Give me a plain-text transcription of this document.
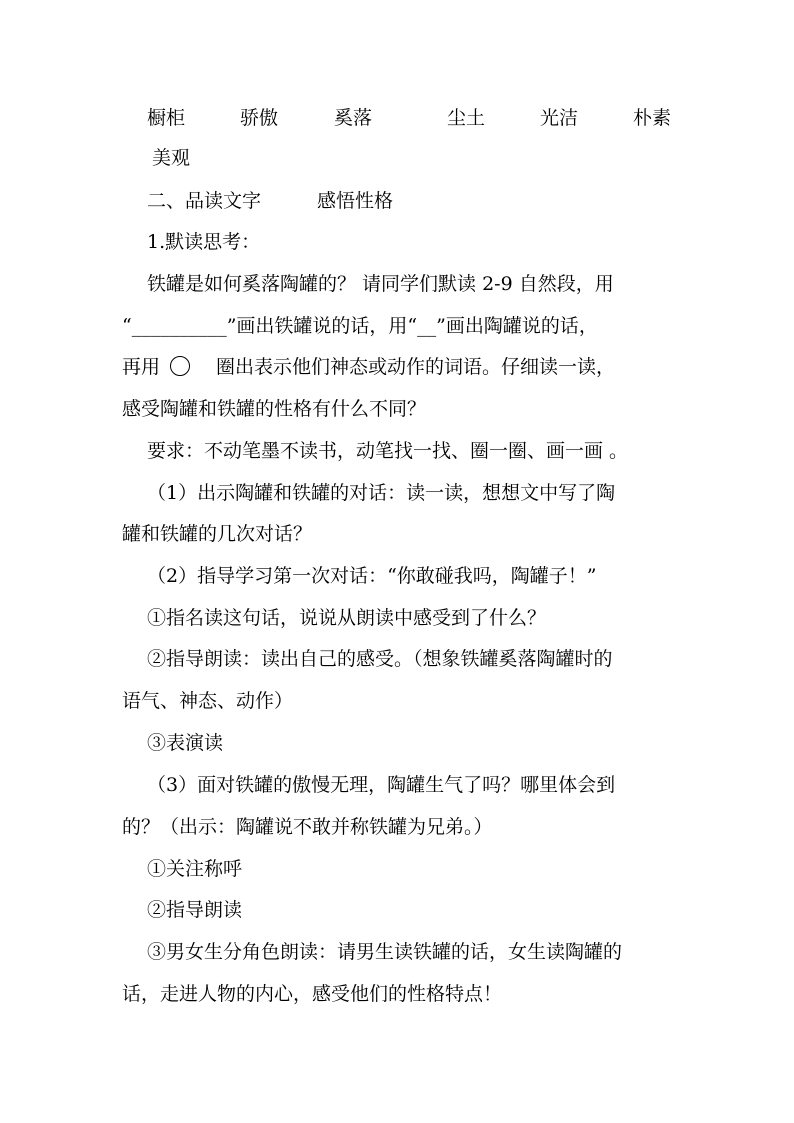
橱柜	骄傲	奚落	尘土	光洁	朴素
美观
二、品读文字	感悟性格
1.默读思考：
铁罐是如何奚落陶罐的？ 请同学们默读 2-9 自然段，用
“__________”画出铁罐说的话，用“__”画出陶罐说的话，
再用	圈出表示他们神态或动作的词语。仔细读一读，
感受陶罐和铁罐的性格有什么不同？
要求：不动笔墨不读书，动笔找一找、圈一圈、画一画 。
（1）出示陶罐和铁罐的对话：读一读，想想文中写了陶
罐和铁罐的几次对话？
（2）指导学习第一次对话：“你敢碰我吗，陶罐子！”
①指名读这句话，说说从朗读中感受到了什么？
②指导朗读：读出自己的感受。（想象铁罐奚落陶罐时的
语气、神态、动作）
③表演读
（3）面对铁罐的傲慢无理，陶罐生气了吗？哪里体会到
的？（出示：陶罐说不敢并称铁罐为兄弟。）
①关注称呼
②指导朗读
③男女生分角色朗读：请男生读铁罐的话，女生读陶罐的
话，走进人物的内心，感受他们的性格特点！
